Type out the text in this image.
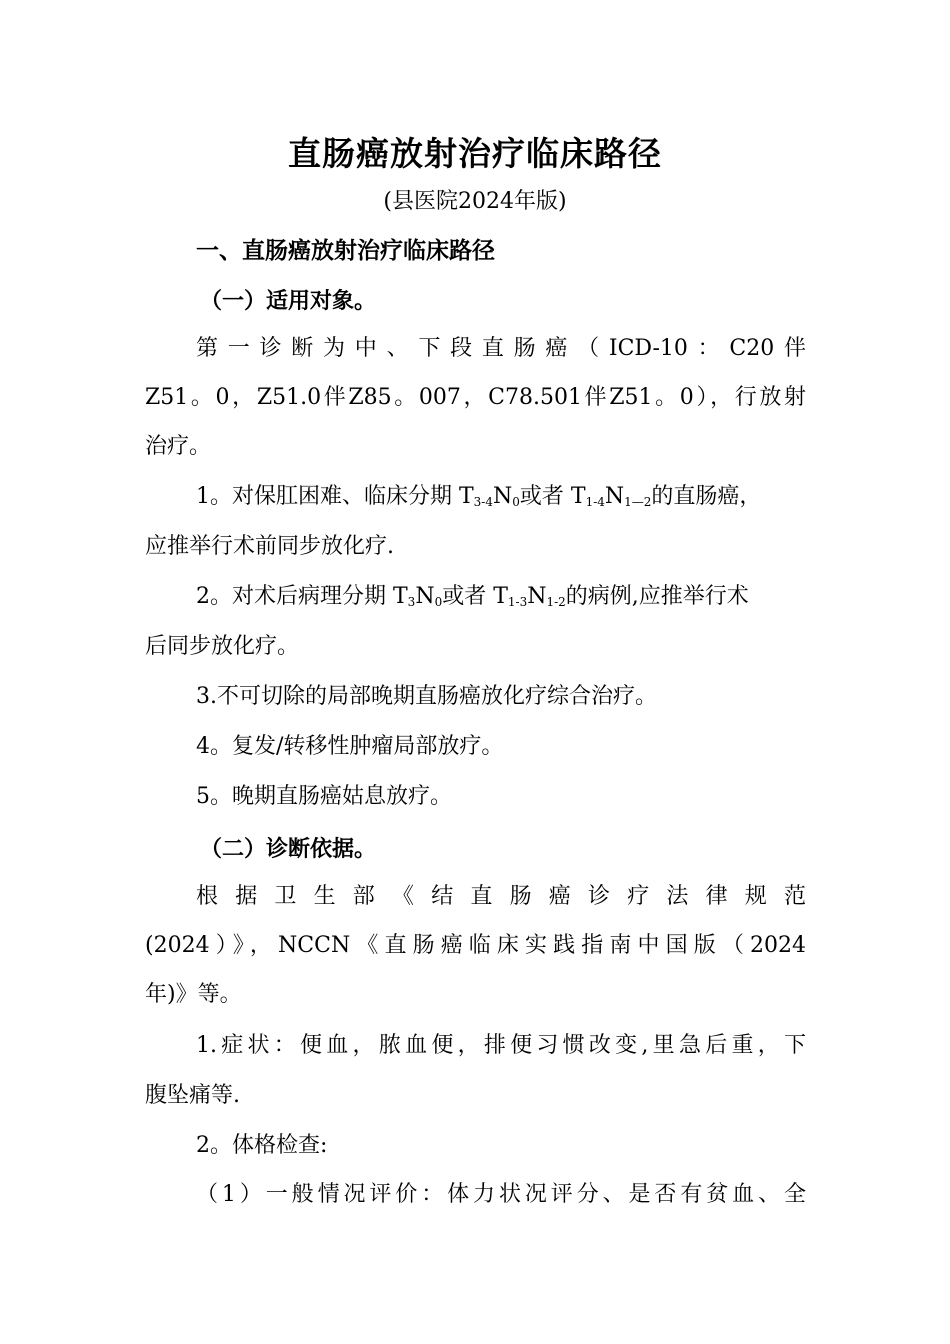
直肠癌放射治疗临床路径
(县医院2024年版)
一、直肠癌放射治疗临床路径
（一）适用对象。
第一诊断为中、下段直肠癌（ICD-10：C20伴
Z51。0，Z51.0伴Z85。007，C78.501伴Z51。0），行放射
治疗。
1。对保肛困难、临床分期 $T_{3-4}N_0$或者 $T_{1-4}N_{1—2}$的直肠癌，
应推举行术前同步放化疗.
2。对术后病理分期 $T_3N_0$或者 $T_{1-3}N_{1-2}$的病例,应推举行术
后同步放化疗。
3.不可切除的局部晚期直肠癌放化疗综合治疗。
4。复发/转移性肿瘤局部放疗。
5。晚期直肠癌姑息放疗。
（二）诊断依据。
根据卫生部《结直肠癌诊疗法律规范
(2024）》，NCCN《直肠癌临床实践指南中国版（2024
年)》等。
1.症状：便血，脓血便，排便习惯改变,里急后重，下
腹坠痛等.
2。体格检查:
（1）一般情况评价：体力状况评分、是否有贫血、全
